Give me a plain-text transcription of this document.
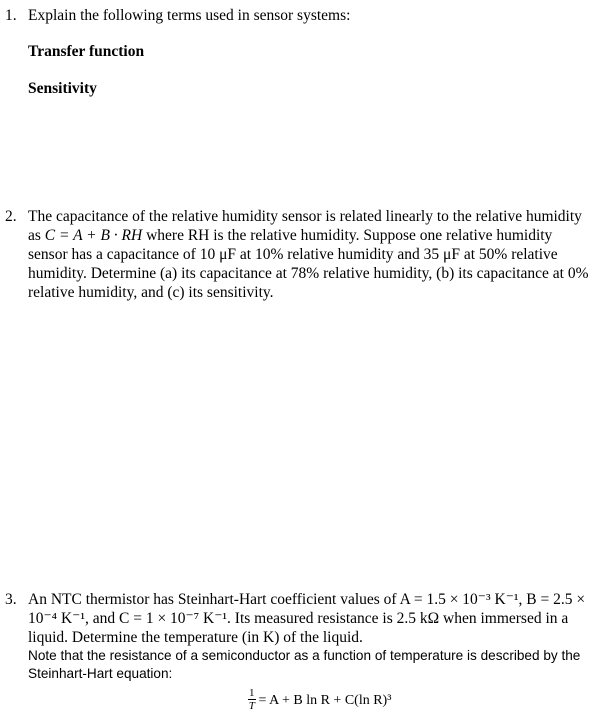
1. Explain the following terms used in sensor systems:

Transfer function

Sensitivity

2. The capacitance of the relative humidity sensor is related linearly to the relative humidity

as C = A + B · RH where RH is the relative humidity. Suppose one relative humidity

sensor has a capacitance of 10 μF at 10% relative humidity and 35 μF at 50% relative

humidity. Determine (a) its capacitance at 78% relative humidity, (b) its capacitance at 0%

relative humidity, and (c) its sensitivity.

3. An NTC thermistor has Steinhart-Hart coefficient values of A = 1.5 × 10⁻³ K⁻¹, B = 2.5 ×

10⁻⁴ K⁻¹, and C = 1 × 10⁻⁷ K⁻¹. Its measured resistance is 2.5 kΩ when immersed in a

liquid. Determine the temperature (in K) of the liquid.

Note that the resistance of a semiconductor as a function of temperature is described by the

Steinhart-Hart equation:

$\frac{1}{T} = A + B$ ln R + C(ln R)³
